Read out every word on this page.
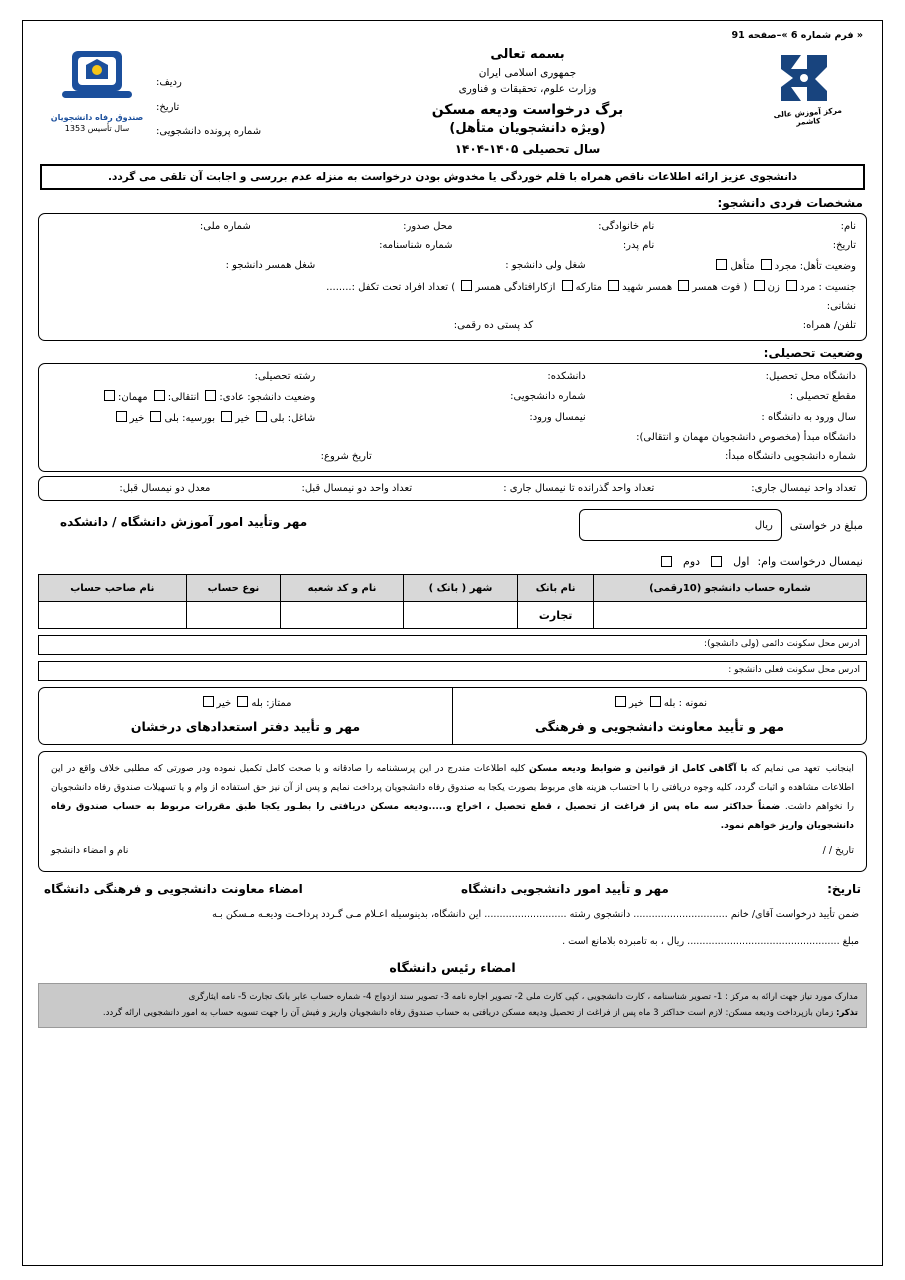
« فرم شماره 6 »–صفحه 91
مرکز آموزش عالی کاشمر
بسمه تعالی
جمهوری اسلامی ایران
وزارت علوم، تحقیقات و فناوری
برگ درخواست ودیعه مسکن
(ویژه دانشجویان متأهل)
سال تحصیلی ۱۴۰۵-۱۴۰۴
ردیف:
تاریخ:
شماره پرونده دانشجویی:
صندوق رفاه دانشجویان
سال تأسیس 1353
دانشجوی عزیز ارائه اطلاعات ناقص همراه با قلم خوردگی یا مخدوش بودن درخواست به منزله عدم بررسی و اجابت آن تلقی می گردد.
مشخصات فردی دانشجو:
نام:
نام خانوادگی:
محل صدور:
شماره ملی:
تاریخ:
نام پدر:
شماره شناسنامه:
وضعیت تأهل: مجرد متأهل
شغل ولی دانشجو :
شغل همسر دانشجو :
جنسیت : مرد زن ( فوت همسر همسر شهید متارکه ازکارافتادگی همسر ) تعداد افراد تحت تکفل :........
نشانی:
تلفن/ همراه:
کد پستی ده رقمی:
وضعیت تحصیلی:
دانشگاه محل تحصیل:
دانشکده:
رشته تحصیلی:
مقطع تحصیلی :
شماره دانشجویی:
وضعیت دانشجو: عادی: انتقالی: مهمان:
سال ورود به دانشگاه :
نیمسال ورود:
شاغل: بلی خیر بورسیه: بلی خیر
دانشگاه مبدأ (مخصوص دانشجویان مهمان و انتقالی):
شماره دانشجویی دانشگاه مبدأ:
تاریخ شروع:
تعداد واحد نیمسال جاری:
تعداد واحد گذرانده تا نیمسال جاری :
تعداد واحد دو نیمسال قبل:
معدل دو نیمسال قبل:
مبلغ در خواستی
ریال
نیمسال درخواست وام:
اول
دوم
مهر وتأیید امور آموزش دانشگاه / دانشکده
شماره حساب دانشجو (10رقمی)	نام بانک	شهر ( بانک )	نام و کد شعبه	نوع حساب	نام صاحب حساب
	تجارت				
ادرس محل سکونت دائمی (ولی دانشجو):
ادرس محل سکونت فعلی دانشجو :
نمونه : بله خیر
مهر و تأیید معاونت دانشجویی و فرهنگی
ممتاز: بله خیر
مهر و تأیید دفتر استعدادهای درخشان
اینجانب
تعهد می نمایم که با آگاهی کامل از قوانین و ضوابط ودیعه مسکن کلیه اطلاعات مندرج در این پرسشنامه را صادقانه و با صحت کامل تکمیل نموده ودر صورتی که مطلبی خلاف واقع در این اطلاعات مشاهده و اثبات گردد، کلیه وجوه دریافتی را با احتساب هزینه های مربوط بصورت یکجا به صندوق رفاه دانشجویان پرداخت نمایم و پس از آن نیز حق استفاده از وام و یا تسهیلات صندوق رفاه دانشجویان را نخواهم داشت. ضمناً حداکثر سه ماه پس از فراغت از تحصیل ، قطع تحصیل ، اخراج و.....ودیعه مسکن دریافتی را بطـور یکجا طبق مقررات مربوط به حساب صندوق رفاه دانشجویان واریز خواهم نمود.
تاریخ / /
نام و امضاء دانشجو
تاریخ:
مهر و تأیید امور دانشجویی دانشگاه
امضاء معاونت دانشجویی و فرهنگی دانشگاه
ضمن تأیید درخواست آقای/ خانم ............................... دانشجوی رشته ........................... این دانشگاه، بدینوسیله اعـلام مـی گـردد پرداخـت ودیعـه مـسکن بـه
مبلغ .................................................. ریال ، به تامبرده بلامانع است .
امضاء رئیس دانشگاه
مدارک مورد نیاز جهت ارائه به مرکز : 1- تصویر شناسنامه ، کارت دانشجویی ، کپی کارت ملی 2- تصویر اجاره نامه 3- تصویر سند ازدواج 4- شماره حساب عابر بانک تجارت 5- نامه ایثارگری
تذکر: زمان بازپرداخت ودیعه مسکن: لازم است حداکثر 3 ماه پس از فراغت از تحصیل ودیعه مسکن دریافتی به حساب صندوق رفاه دانشجویان واریز و فیش آن را جهت تسویه حساب به امور دانشجویی ارائه گردد.
